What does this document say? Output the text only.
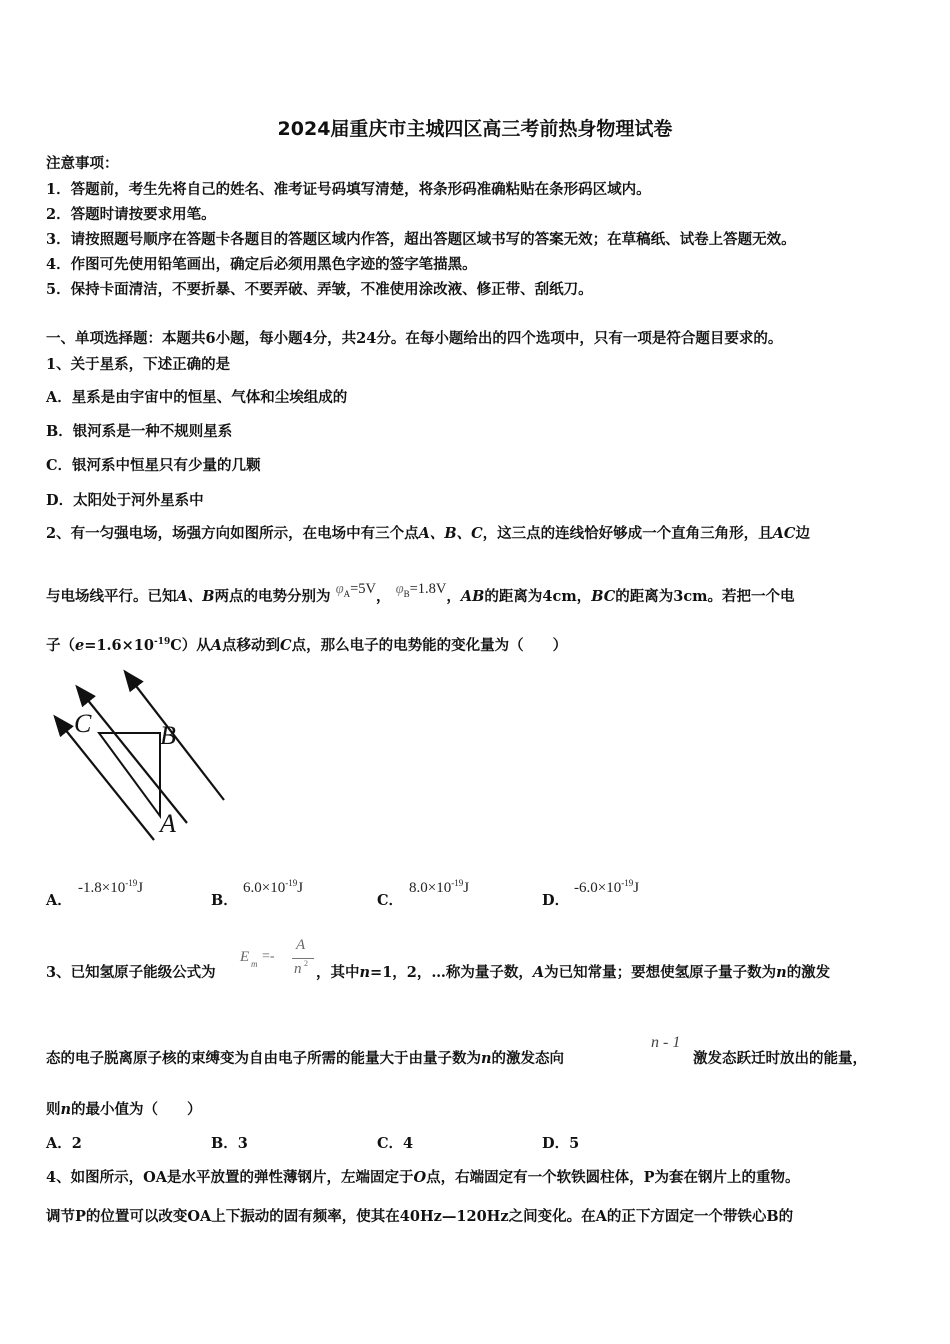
2024届重庆市主城四区高三考前热身物理试卷
注意事项：
1．答题前，考生先将自己的姓名、准考证号码填写清楚，将条形码准确粘贴在条形码区域内。
2．答题时请按要求用笔。
3．请按照题号顺序在答题卡各题目的答题区域内作答，超出答题区域书写的答案无效；在草稿纸、试卷上答题无效。
4．作图可先使用铅笔画出，确定后必须用黑色字迹的签字笔描黑。
5．保持卡面清洁，不要折暴、不要弄破、弄皱，不准使用涂改液、修正带、刮纸刀。
一、单项选择题：本题共6小题，每小题4分，共24分。在每小题给出的四个选项中，只有一项是符合题目要求的。
1、关于星系，下述正确的是
A．星系是由宇宙中的恒星、气体和尘埃组成的
B．银河系是一种不规则星系
C．银河系中恒星只有少量的几颗
D．太阳处于河外星系中
2、有一匀强电场，场强方向如图所示，在电场中有三个点A、B、C，这三点的连线恰好够成一个直角三角形，且AC边
与电场线平行。已知A、B两点的电势分别为 $\varphi_A=5V$， $\varphi_B=1.8V$，AB的距离为4cm，BC的距离为3cm。若把一个电
子$(e=1.6\times 10^{-19}C)$从A点移动到C点，那么电子的电势能的变化量为（　　）
C	B
A
A．
$-1.8\times 10^{-19}J$
B．
$6.0\times 10^{-19}J$
C．
$8.0\times 10^{-19}J$
D．
$-6.0\times 10^{-19}J$
3、已知氢原子能级公式为
E m =-
A
n 2
，其中n=1，2，…称为量子数，A为已知常量；要想使氢原子量子数为n的激发
态的电子脱离原子核的束缚变为自由电子所需的能量大于由量子数为n的激发态向
n - 1
激发态跃迁时放出的能量，
则n的最小值为（　　）
A．2	B．3	C．4	D．5
4、如图所示，OA是水平放置的弹性薄钢片，左端固定于O点，右端固定有一个软铁圆柱体，P为套在钢片上的重物。
调节P的位置可以改变OA上下振动的固有频率，使其在40Hz—120Hz之间变化。在A的正下方固定一个带铁心B的
